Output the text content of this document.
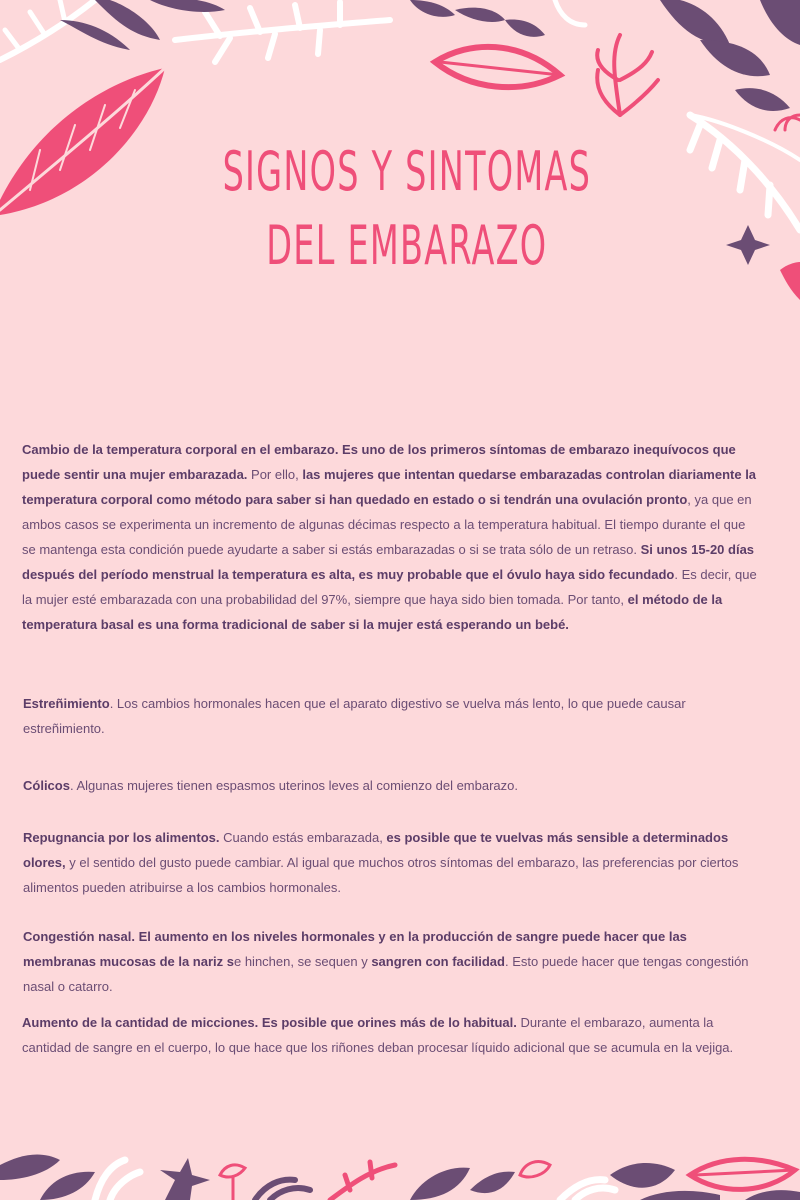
SIGNOS Y SINTOMAS
DEL EMBARAZO

Cambio de la temperatura corporal en el embarazo. Es uno de los primeros síntomas de embarazo inequívocos que puede sentir una mujer embarazada. Por ello, las mujeres que intentan quedarse embarazadas controlan diariamente la temperatura corporal como método para saber si han quedado en estado o si tendrán una ovulación pronto, ya que en ambos casos se experimenta un incremento de algunas décimas respecto a la temperatura habitual. El tiempo durante el que se mantenga esta condición puede ayudarte a saber si estás embarazadas o si se trata sólo de un retraso. Si unos 15-20 días después del período menstrual la temperatura es alta, es muy probable que el óvulo haya sido fecundado. Es decir, que la mujer esté embarazada con una probabilidad del 97%, siempre que haya sido bien tomada. Por tanto, el método de la temperatura basal es una forma tradicional de saber si la mujer está esperando un bebé.

Estreñimiento. Los cambios hormonales hacen que el aparato digestivo se vuelva más lento, lo que puede causar estreñimiento.

Cólicos. Algunas mujeres tienen espasmos uterinos leves al comienzo del embarazo.

Repugnancia por los alimentos. Cuando estás embarazada, es posible que te vuelvas más sensible a determinados olores, y el sentido del gusto puede cambiar. Al igual que muchos otros síntomas del embarazo, las preferencias por ciertos alimentos pueden atribuirse a los cambios hormonales.

Congestión nasal. El aumento en los niveles hormonales y en la producción de sangre puede hacer que las membranas mucosas de la nariz se hinchen, se sequen y sangren con facilidad. Esto puede hacer que tengas congestión nasal o catarro.

Aumento de la cantidad de micciones. Es posible que orines más de lo habitual. Durante el embarazo, aumenta la cantidad de sangre en el cuerpo, lo que hace que los riñones deban procesar líquido adicional que se acumula en la vejiga.
